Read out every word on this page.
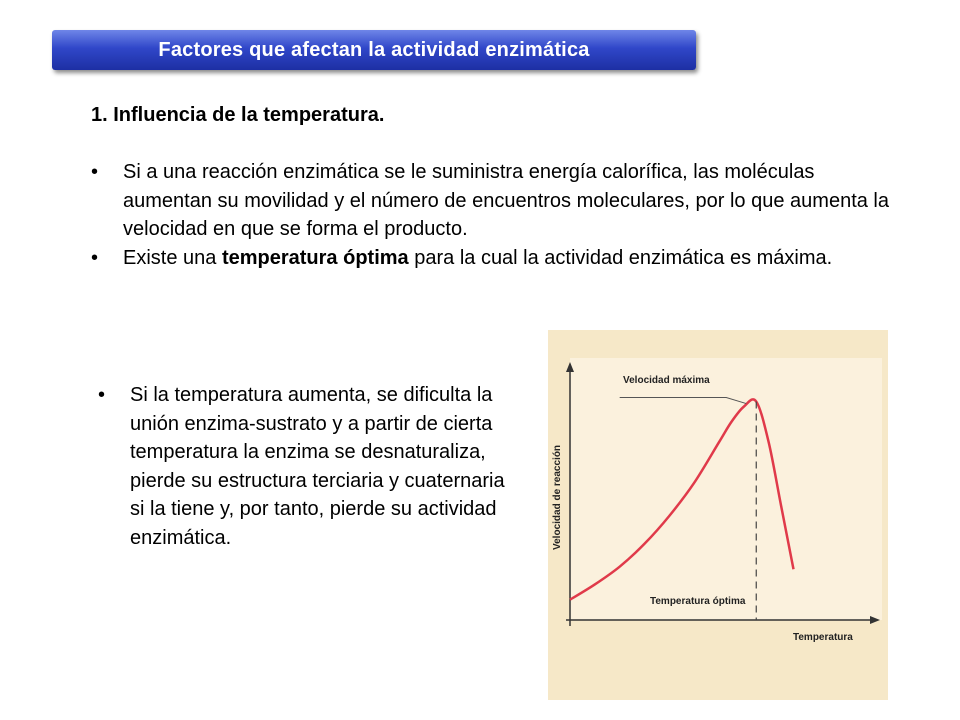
Factores que afectan la actividad enzimática

1. Influencia de la temperatura.

• Si a una reacción enzimática se le suministra energía calorífica, las moléculas aumentan su movilidad y el número de encuentros moleculares, por lo que aumenta la velocidad en que se forma el producto.
• Existe una temperatura óptima para la cual la actividad enzimática es máxima.
• Si la temperatura aumenta, se dificulta la unión enzima-sustrato y a partir de cierta temperatura la enzima se desnaturaliza, pierde su estructura terciaria y cuaternaria si la tiene y, por tanto, pierde su actividad enzimática.
Temperatura
Velocidad de reacción
Velocidad máxima
Temperatura óptima
